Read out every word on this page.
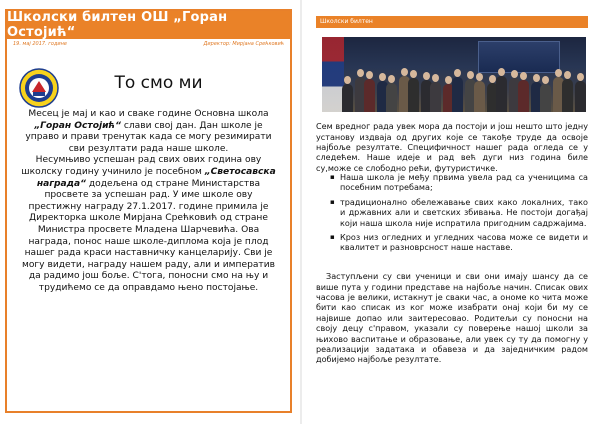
Школски билтен ОШ „Горан Остојић“
19. мај 2017. године	Директор: Мирјана Срећковић
То смо ми

Месец је мај и као и сваке године Основна школа „Горан Остојић“ слави свој дан. Дан школе је управо и прави тренутак када се могу резимирати сви резултати рада наше школе.

Несумњиво успешан рад свих ових година ову школску годину учинило је посебном „Светосавска награда“ додељена од стране Министарства просвете за успешан рад. У име школе ову престижну награду 27.1.2017. године примила је Директорка школе Мирјана Срећковић од стране Министра просвете Младена Шарчевића. Ова награда, понос наше школе-дипломa која је плод нашег рада краси наставничку канцеларију. Сви је могу видети, награду нашем раду, али и императив да радимо још боље. С'тога, поносни смо на њу и трудићемо се да оправдамо њено постојање.

Школски билтен

Сем вредног рада увек мора да постоји и још нешто што једну установу издваја од других које се такође труде да освоје најбоље резултате. Специфичност нашег рада огледа се у следећем. Наше идеје и рад већ дуги низ година биле су,може се слободно рећи, футуристичке.

▪ Наша школа је међу првима увела рад са ученицима са посебним потребама;
▪ традиционално обележавање свих како локалних, тако и државних али и светских збивања. Не постоји догађај који наша школа није испратила пригодним садржајима.
▪ Кроз низ огледних и угледних часова може се видети и квалитет и разноврсност наше наставе.

Заступљени су сви ученици и сви они имају шансу да се више пута у години представе на најбоље начин. Списак ових часова је велики, истакнут је сваки час, а ономе ко чита може бити као списак из ког може изабрати онај који би му се највише допао или заитересовао. Родитељи су поносни на своју децу с'правом, указали су поверење нашој школи за њихово васпитање и образовање, али увек су ту да помогну у реализацији задатака и обавеза и да заједничким радом добијемо најбоље резултате.
